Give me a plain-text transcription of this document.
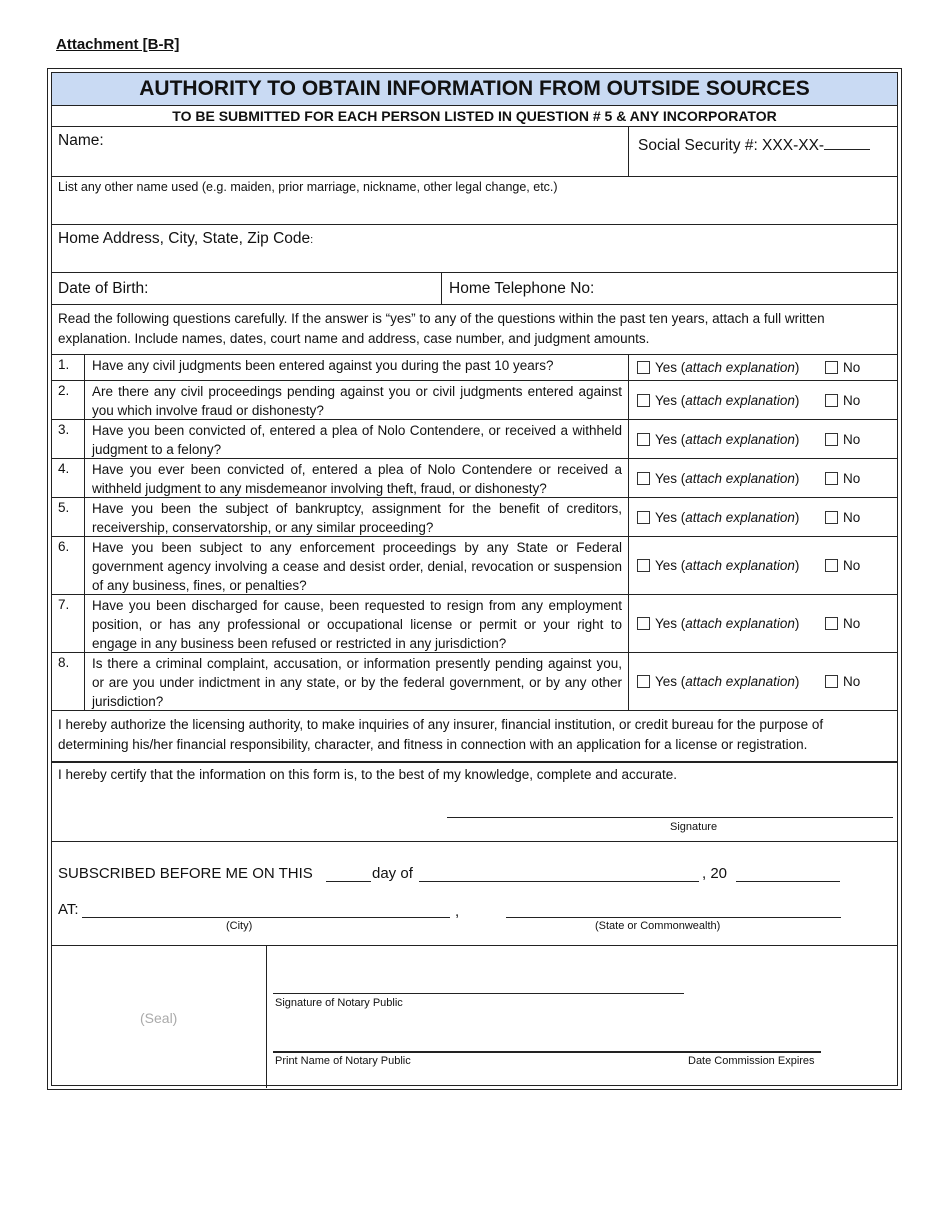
Attachment [B-R]
AUTHORITY TO OBTAIN INFORMATION FROM OUTSIDE SOURCES
TO BE SUBMITTED FOR EACH PERSON LISTED IN QUESTION # 5 & ANY INCORPORATOR
Name:	Social Security #: XXX-XX-
List any other name used (e.g. maiden, prior marriage, nickname, other legal change, etc.)
Home Address, City, State, Zip Code:
Date of Birth:	Home Telephone No:
Read the following questions carefully. If the answer is “yes” to any of the questions within the past ten years, attach a full written explanation. Include names, dates, court name and address, case number, and judgment amounts.
1. Have any civil judgments been entered against you during the past 10 years?	Yes ( attach explanation )	No
2. Are there any civil proceedings pending against you or civil judgments entered against you which involve fraud or dishonesty?
Yes ( attach explanation )	No
3. Have you been convicted of, entered a plea of Nolo Contendere, or received a withheld judgment to a felony?
Yes ( attach explanation )	No
4. Have you ever been convicted of, entered a plea of Nolo Contendere or received a withheld judgment to any misdemeanor involving theft, fraud, or dishonesty?
Yes ( attach explanation )	No
5. Have you been the subject of bankruptcy, assignment for the benefit of creditors, receivership, conservatorship, or any similar proceeding?
Yes ( attach explanation )	No
6. Have you been subject to any enforcement proceedings by any State or Federal government agency involving a cease and desist order, denial, revocation or suspension of any business, fines, or penalties?
Yes ( attach explanation )	No
7. Have you been discharged for cause, been requested to resign from any employment position, or has any professional or occupational license or permit or your right to engage in any business been refused or restricted in any jurisdiction?
Yes ( attach explanation )	No
8. Is there a criminal complaint, accusation, or information presently pending against you, or are you under indictment in any state, or by the federal government, or by any other jurisdiction?
Yes ( attach explanation )	No
I hereby authorize the licensing authority, to make inquiries of any insurer, financial institution, or credit bureau for the purpose of determining his/her financial responsibility, character, and fitness in connection with an application for a license or registration.
I hereby certify that the information on this form is, to the best of my knowledge, complete and accurate.
Signature
SUBSCRIBED BEFORE ME ON THIS	day of	, 20
AT:	,
(City)	(State or Commonwealth)
(Seal)
Signature of Notary Public
Print Name of Notary Public	Date Commission Expires
